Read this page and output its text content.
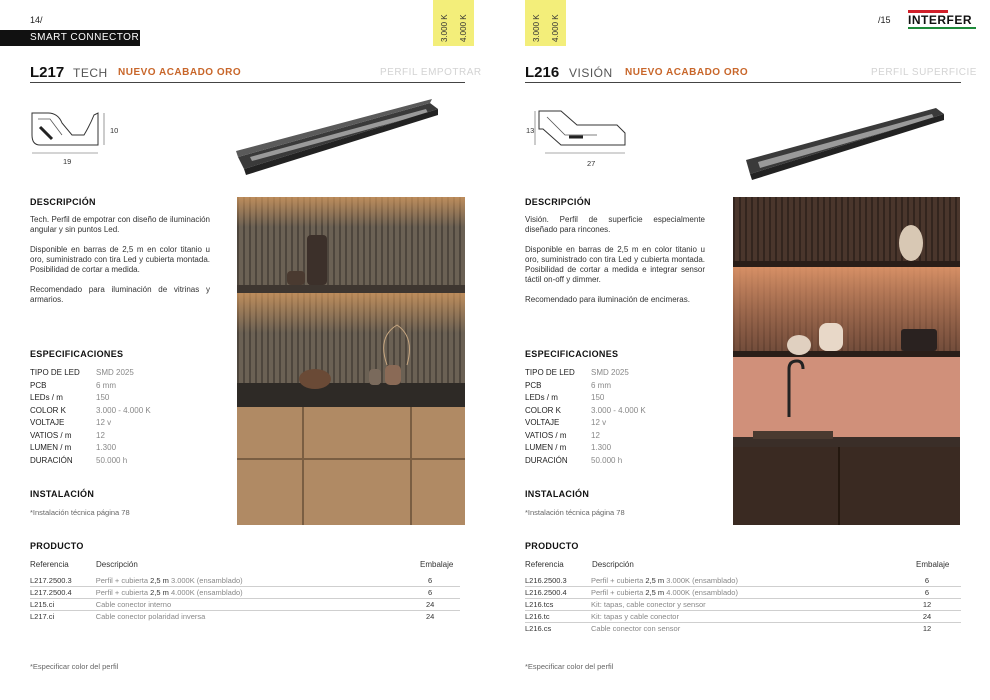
14/
SMART CONNECTOR	3.000 K 4.000 K
L217 TECH NUEVO ACABADO ORO	PERFIL EMPOTRAR
10
19
DESCRIPCIÓN

Tech. Perfil de empotrar con diseño de iluminación angular y sin puntos Led.

Disponible en barras de 2,5 m en color titanio u oro, suministrado con tira Led y cubierta montada. Posibilidad de cortar a medida.

Recomendado para iluminación de vitrinas y armarios.

ESPECIFICACIONES
TIPO DE LED	SMD 2025
PCB	6 mm
LEDs / m	150
COLOR K	3.000 - 4.000 K
VOLTAJE	12 v
VATIOS / m	12
LUMEN / m	1.300
DURACIÓN	50.000 h
INSTALACIÓN
*Instalación técnica página 78
PRODUCTO
Referencia	Descripción	Embalaje
L217.2500.3	Perfil + cubierta 2,5 m 3.000K (ensamblado)	6
L217.2500.4	Perfil + cubierta 2,5 m 4.000K (ensamblado)	6
L215.ci	Cable conector interno	24
L217.ci	Cable conector polaridad inversa	24
*Especificar color del perfil
3.000 K 4.000 K	/15 INTERFER
L216 VISIÓN NUEVO ACABADO ORO	PERFIL SUPERFICIE
13
27
DESCRIPCIÓN

Visión. Perfil de superficie especialmente diseñado para rincones.

Disponible en barras de 2,5 m en color titanio u oro, suministrado con tira Led y cubierta montada. Posibilidad de cortar a medida e integrar sensor táctil on-off y dimmer.

Recomendado para iluminación de encimeras.

ESPECIFICACIONES
TIPO DE LED	SMD 2025
PCB	6 mm
LEDs / m	150
COLOR K	3.000 - 4.000 K
VOLTAJE	12 v
VATIOS / m	12
LUMEN / m	1.300
DURACIÓN	50.000 h
INSTALACIÓN
*Instalación técnica página 78
PRODUCTO
Referencia	Descripción	Embalaje
L216.2500.3	Perfil + cubierta 2,5 m 3.000K (ensamblado)	6
L216.2500.4	Perfil + cubierta 2,5 m 4.000K (ensamblado)	6
L216.tcs	Kit: tapas, cable conector y sensor	12
L216.tc	Kit: tapas y cable conector	24
L216.cs	Cable conector con sensor	12
*Especificar color del perfil
